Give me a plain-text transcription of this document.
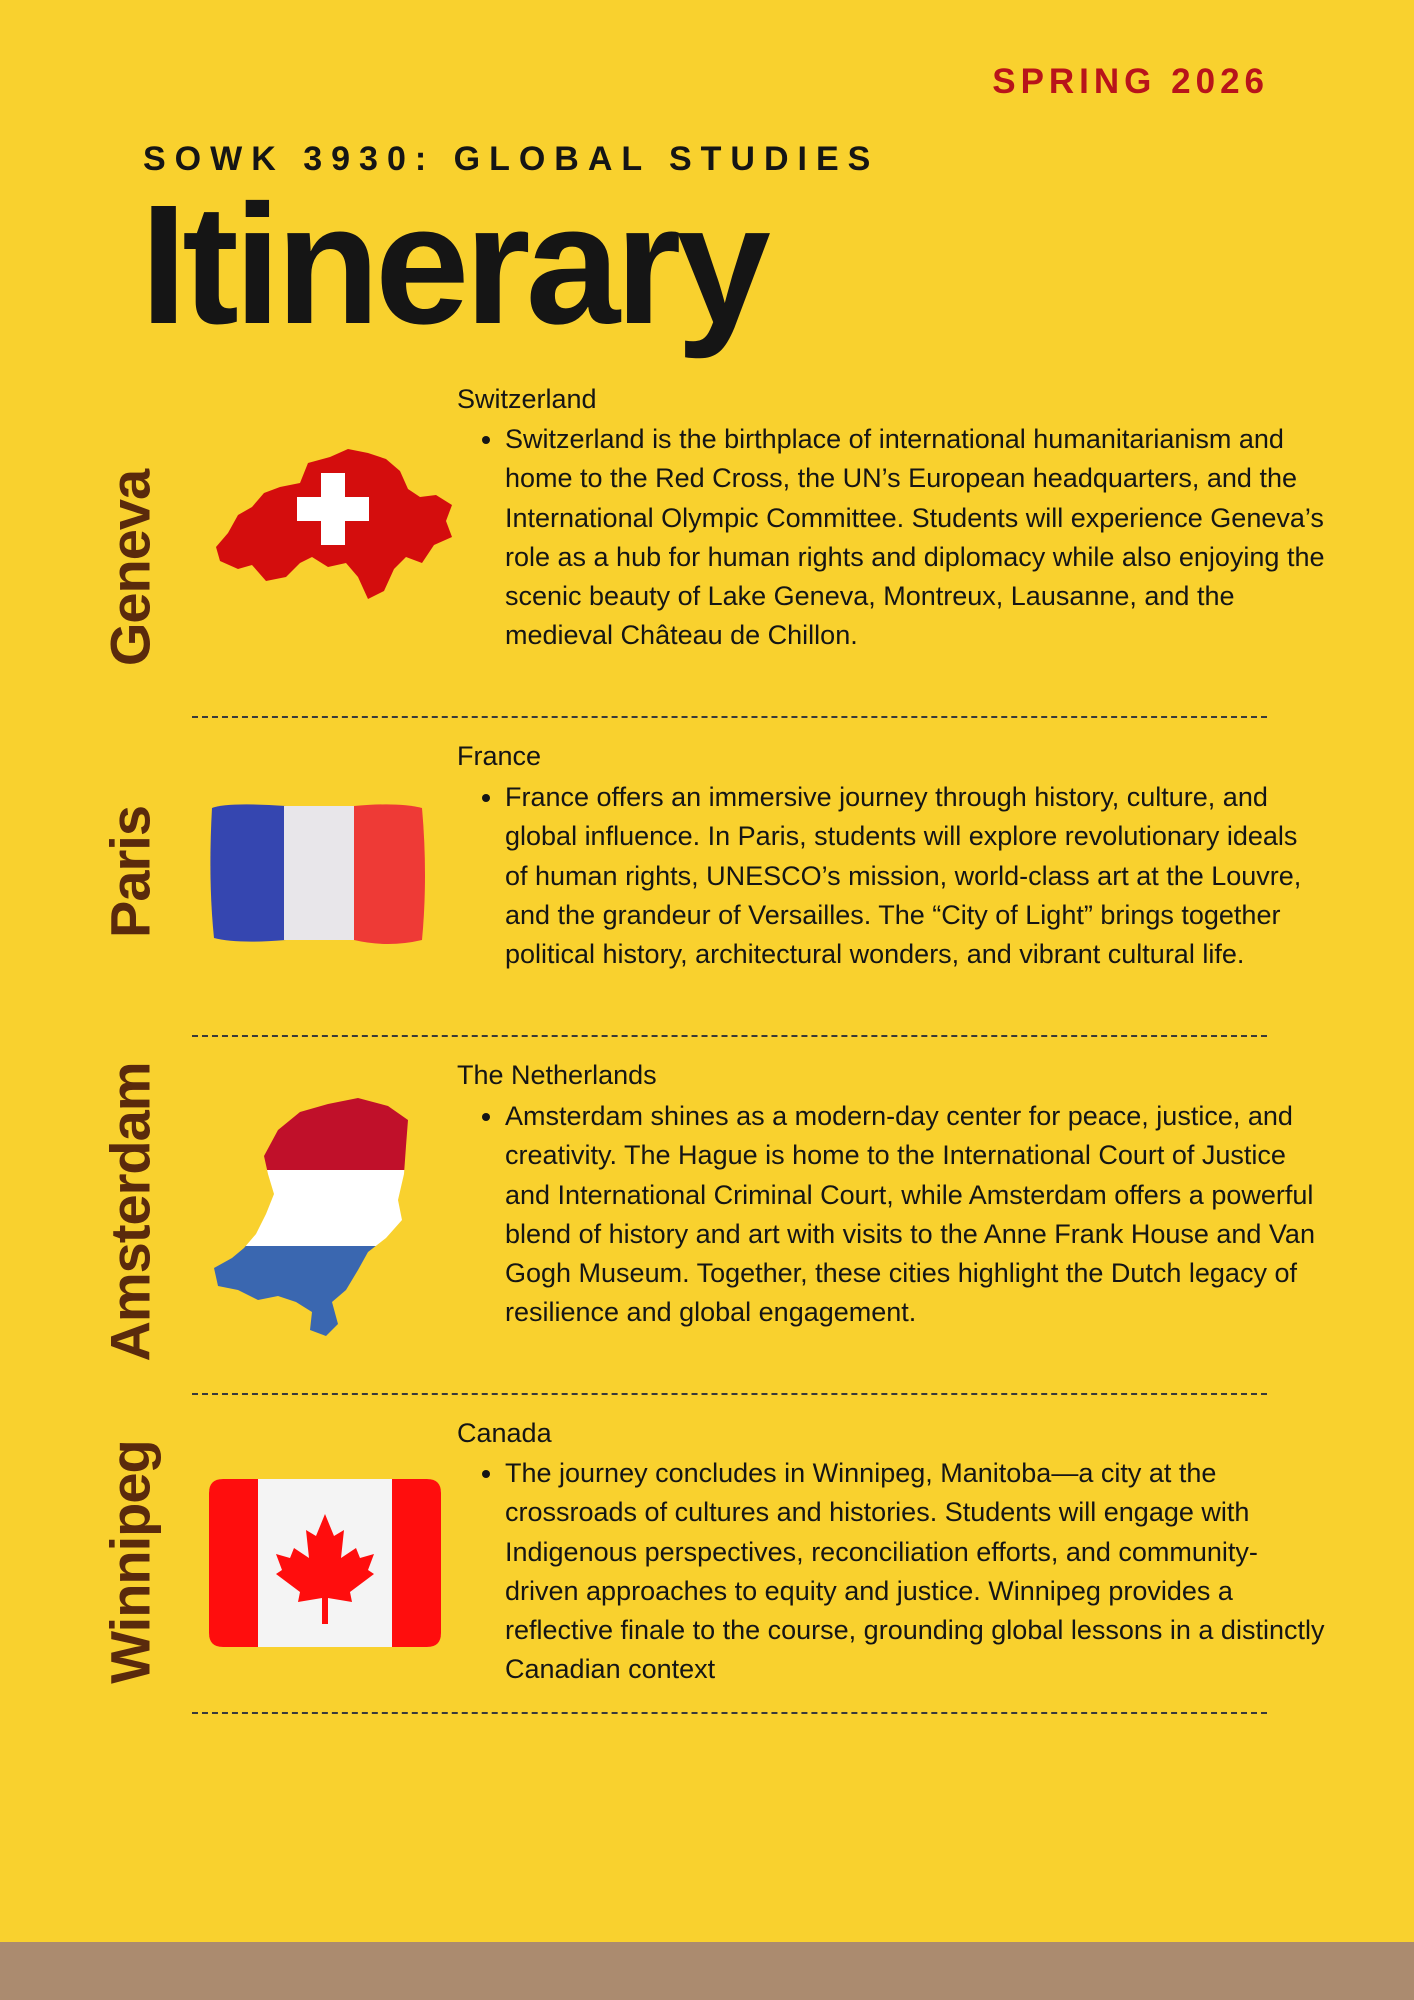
SPRING 2026
SOWK 3930: GLOBAL STUDIES
Itinerary
Geneva

Switzerland

• Switzerland is the birthplace of international humanitarianism and home to the Red Cross, the UN’s European headquarters, and the International Olympic Committee. Students will experience Geneva’s role as a hub for human rights and diplomacy while also enjoying the scenic beauty of Lake Geneva, Montreux, Lausanne, and the medieval Château de Chillon.
Paris

France

• France offers an immersive journey through history, culture, and global influence. In Paris, students will explore revolutionary ideals of human rights, UNESCO’s mission, world-class art at the Louvre, and the grandeur of Versailles. The “City of Light” brings together political history, architectural wonders, and vibrant cultural life.
Amsterdam	The Netherlands

• Amsterdam shines as a modern-day center for peace, justice, and creativity. The Hague is home to the International Court of Justice and International Criminal Court, while Amsterdam offers a powerful blend of history and art with visits to the Anne Frank House and Van Gogh Museum. Together, these cities highlight the Dutch legacy of resilience and global engagement.
Winnipeg

Canada

• The journey concludes in Winnipeg, Manitoba—a city at the crossroads of cultures and histories. Students will engage with Indigenous perspectives, reconciliation efforts, and community-driven approaches to equity and justice. Winnipeg provides a reflective finale to the course, grounding global lessons in a distinctly Canadian context
